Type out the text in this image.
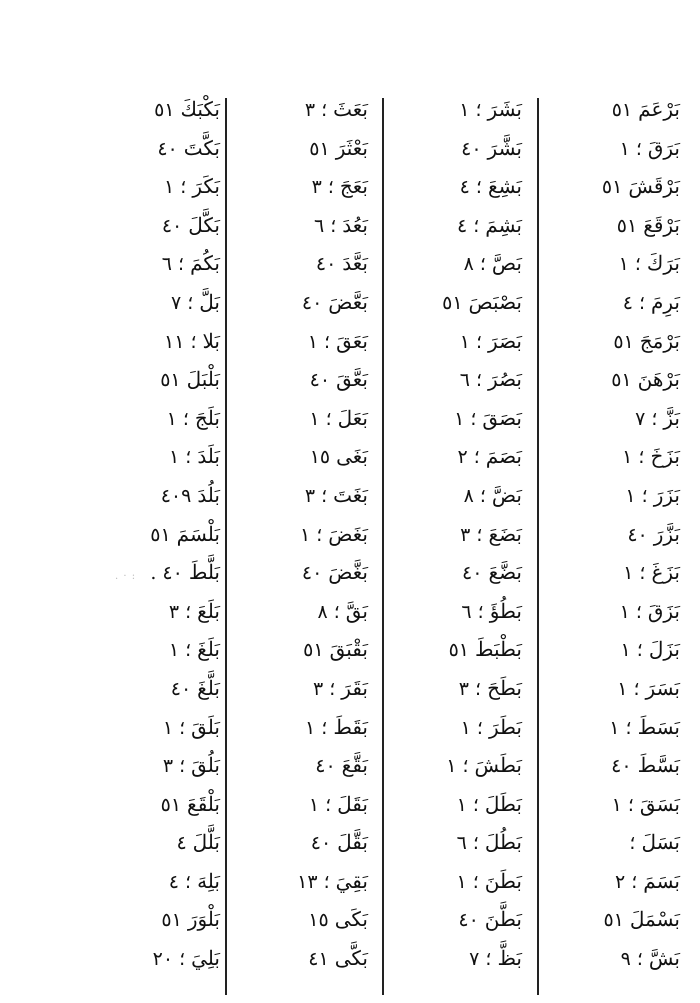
بَرْعَمَ٥١
بَرَقَ؛ ١
بَرْقَشَ٥١
بَرْقَعَ٥١
بَرَكَ؛ ١
بَرِمَ؛ ٤
بَرْمَجَ٥١
بَرْهَنَ٥١
بَزَّ؛ ٧
بَزَخَ؛ ١
بَزَرَ؛ ١
بَزَّرَ٤٠
بَزَغَ؛ ١
بَزَقَ؛ ١
بَزَلَ؛ ١
بَسَرَ؛ ١
بَسَطَ؛ ١
بَسَّطَ٤٠
بَسَقَ؛ ١
بَسَلَ؛
بَسَمَ؛ ٢
بَسْمَلَ٥١
بَشَّ؛ ٩
بَشَرَ؛ ١
بَشَّرَ٤٠
بَشِعَ؛ ٤
بَشِمَ؛ ٤
بَصَّ؛ ٨
بَصْبَصَ٥١
بَصَرَ؛ ١
بَصُرَ؛ ٦
بَصَقَ؛ ١
بَصَمَ؛ ٢
بَضَّ؛ ٨
بَضَعَ؛ ٣
بَضَّعَ٤٠
بَطُؤَ؛ ٦
بَطْبَطَ٥١
بَطَحَ؛ ٣
بَطَرَ؛ ١
بَطَشَ؛ ١
بَطَلَ؛ ١
بَطُلَ؛ ٦
بَطَنَ؛ ١
بَطَّنَ٤٠
بَظَّ؛ ٧
بَعَثَ؛ ٣
بَعْثَرَ٥١
بَعَجَ؛ ٣
بَعُدَ؛ ٦
بَعَّدَ٤٠
بَعَّضَ٤٠
بَعَقَ؛ ١
بَعَّقَ٤٠
بَعَلَ؛ ١
بَغَى١٥
بَغَتَ؛ ٣
بَغَضَ؛ ١
بَغَّضَ٤٠
بَقَّ؛ ٨
بَقْبَقَ٥١
بَقَرَ؛ ٣
بَقَطَ؛ ١
بَقَّعَ٤٠
بَقَلَ؛ ١
بَقَّلَ٤٠
بَقِيَ؛ ١٣
بَكَى١٥
بَكَّى٤١
بَكْبَكَ٥١
بَكَّتَ٤٠
بَكَرَ؛ ١
بَكَّلَ٤٠
بَكُمَ؛ ٦
بَلَّ؛ ٧
بَلا؛ ١١
بَلْبَلَ٥١
بَلَجَ؛ ١
بَلَدَ؛ ١
بَلُدَ٤٠٩
بَلْسَمَ٥١
بَلَّطَ٤٠ .
بَلَعَ؛ ٣
بَلَغَ؛ ١
بَلَّغَ٤٠
بَلَقَ؛ ١
بَلُقَ؛ ٣
بَلْقَعَ٥١
بَلَّلَ٤
بَلِهَ؛ ٤
بَلْوَرَ٥١
بَلِيَ؛ ٢٠
. · :
